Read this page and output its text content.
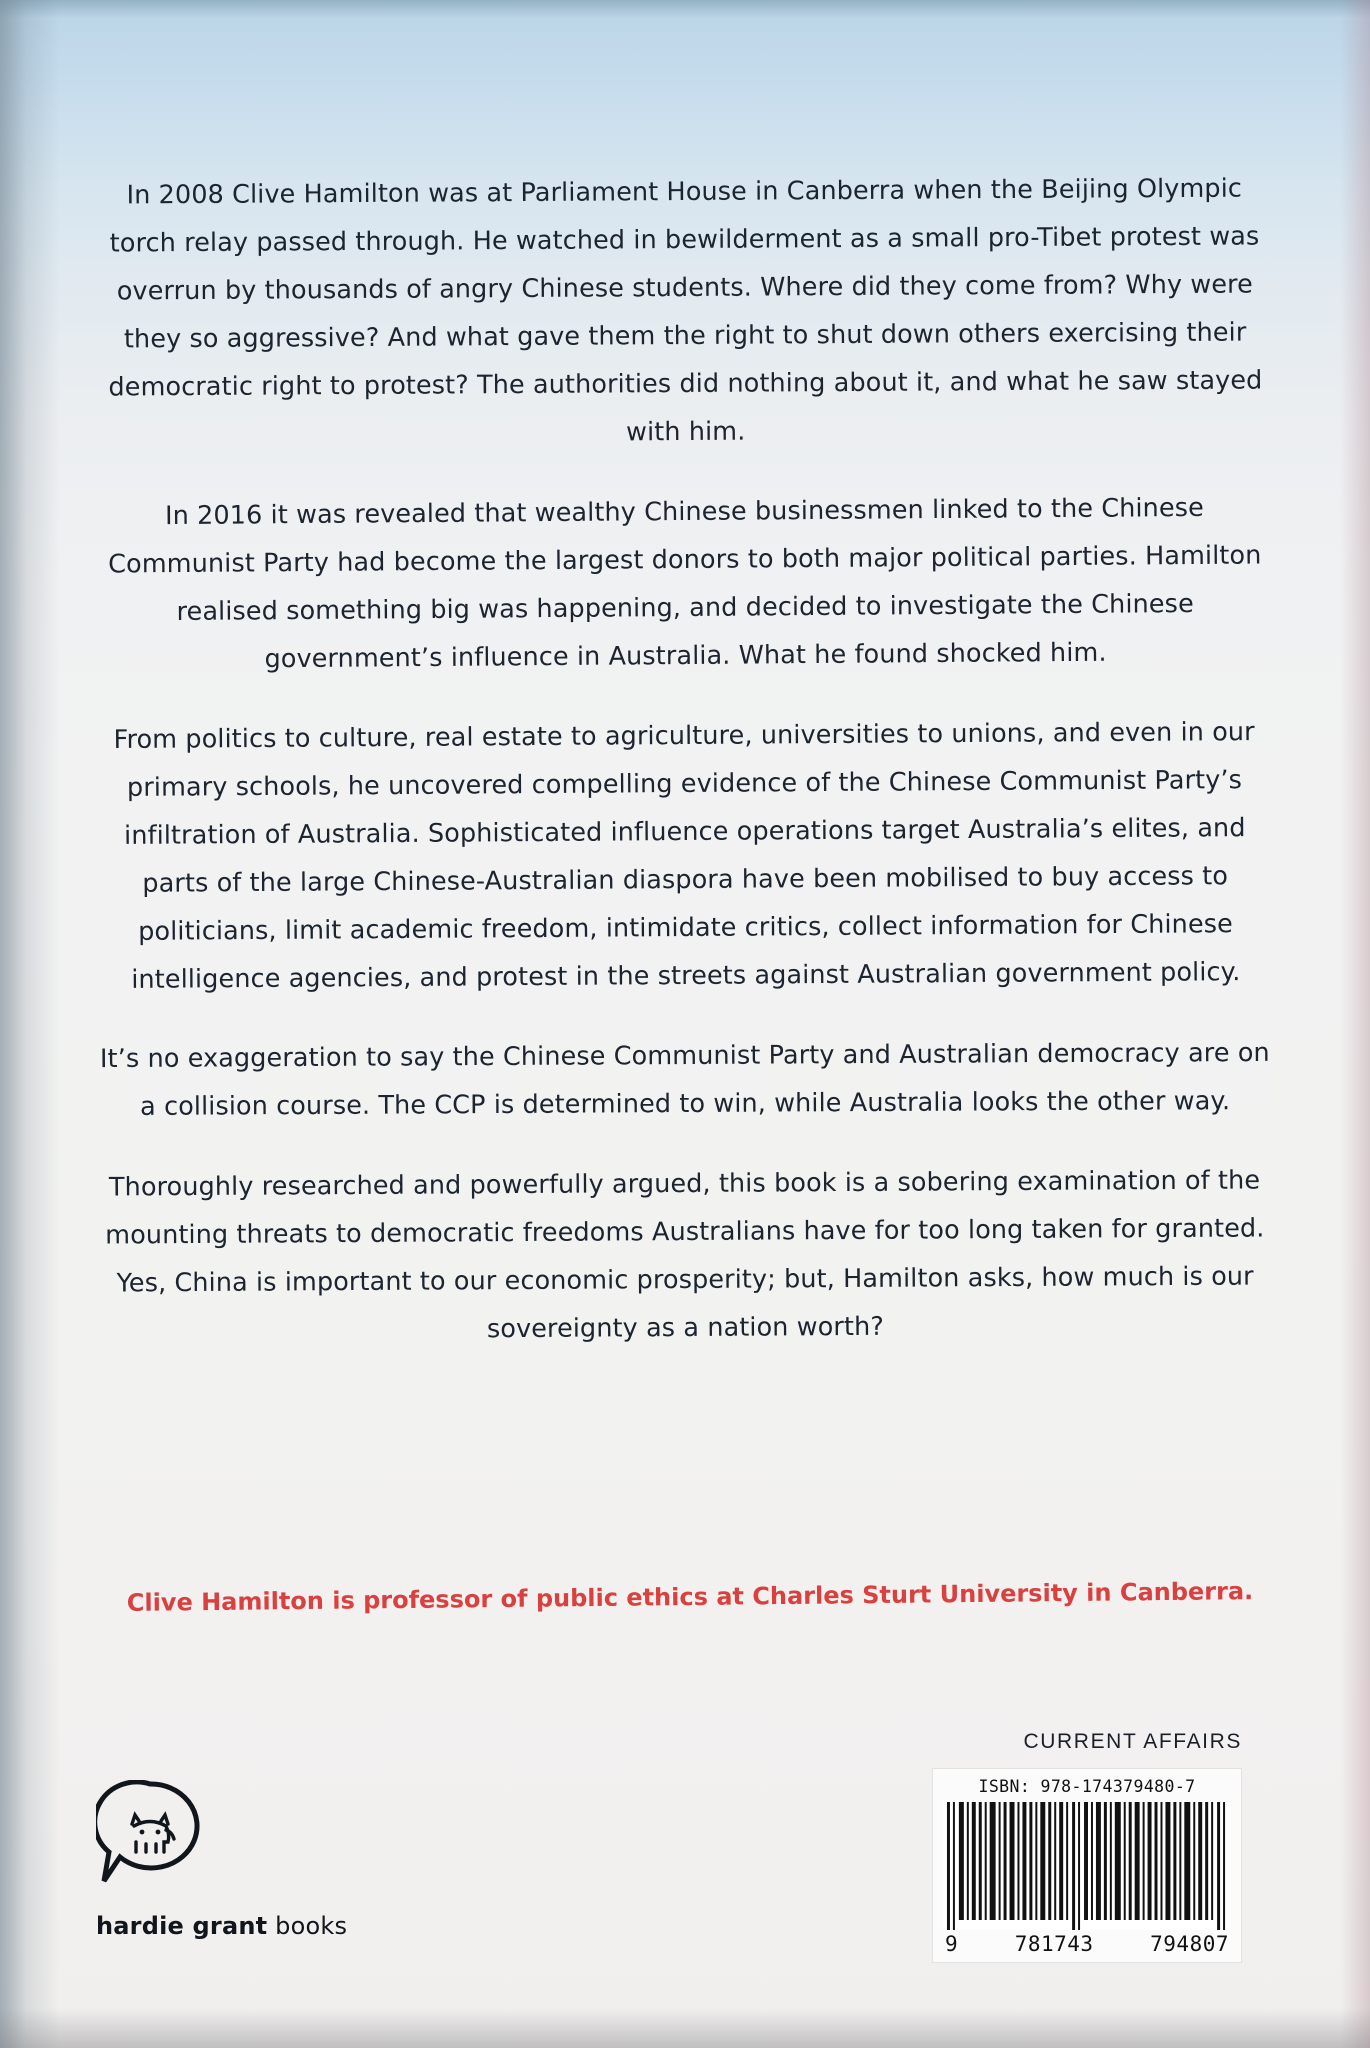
In 2008 Clive Hamilton was at Parliament House in Canberra when the Beijing Olympic torch relay passed through. He watched in bewilderment as a small pro-Tibet protest was overrun by thousands of angry Chinese students. Where did they come from? Why were they so aggressive? And what gave them the right to shut down others exercising their democratic right to protest? The authorities did nothing about it, and what he saw stayed with him.

In 2016 it was revealed that wealthy Chinese businessmen linked to the Chinese Communist Party had become the largest donors to both major political parties. Hamilton realised something big was happening, and decided to investigate the Chinese government’s influence in Australia. What he found shocked him.

From politics to culture, real estate to agriculture, universities to unions, and even in our primary schools, he uncovered compelling evidence of the Chinese Communist Party’s infiltration of Australia. Sophisticated influence operations target Australia’s elites, and parts of the large Chinese-Australian diaspora have been mobilised to buy access to politicians, limit academic freedom, intimidate critics, collect information for Chinese intelligence agencies, and protest in the streets against Australian government policy.

It’s no exaggeration to say the Chinese Communist Party and Australian democracy are on a collision course. The CCP is determined to win, while Australia looks the other way.

Thoroughly researched and powerfully argued, this book is a sobering examination of the mounting threats to democratic freedoms Australians have for too long taken for granted. Yes, China is important to our economic prosperity; but, Hamilton asks, how much is our sovereignty as a nation worth?

Clive Hamilton is professor of public ethics at Charles Sturt University in Canberra.
hardie grant books
CURRENT AFFAIRS
ISBN: 978-174379480-7
9	781743	794807
